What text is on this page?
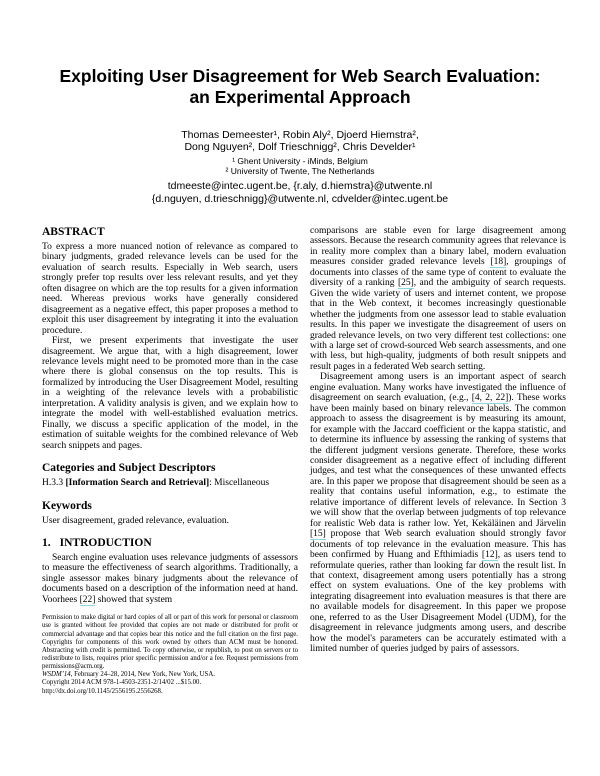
Exploiting User Disagreement for Web Search Evaluation:
an Experimental Approach
Thomas Demeester¹, Robin Aly², Djoerd Hiemstra²,
Dong Nguyen², Dolf Trieschnigg², Chris Develder¹
¹ Ghent University - iMinds, Belgium
² University of Twente, The Netherlands
tdmeeste@intec.ugent.be, {r.aly, d.hiemstra}@utwente.nl
{d.nguyen, d.trieschnigg}@utwente.nl, cdvelder@intec.ugent.be
ABSTRACT

To express a more nuanced notion of relevance as compared to binary judgments, graded relevance levels can be used for the evaluation of search results. Especially in Web search, users strongly prefer top results over less relevant results, and yet they often disagree on which are the top results for a given information need. Whereas previous works have generally considered disagreement as a negative effect, this paper proposes a method to exploit this user disagreement by integrating it into the evaluation procedure.

First, we present experiments that investigate the user disagreement. We argue that, with a high disagreement, lower relevance levels might need to be promoted more than in the case where there is global consensus on the top results. This is formalized by introducing the User Disagreement Model, resulting in a weighting of the relevance levels with a probabilistic interpretation. A validity analysis is given, and we explain how to integrate the model with well-established evaluation metrics. Finally, we discuss a specific application of the model, in the estimation of suitable weights for the combined relevance of Web search snippets and pages.

Categories and Subject Descriptors

H.3.3 [Information Search and Retrieval]: Miscellaneous

Keywords

User disagreement, graded relevance, evaluation.

1. INTRODUCTION

Search engine evaluation uses relevance judgments of assessors to measure the effectiveness of search algorithms. Traditionally, a single assessor makes binary judgments about the relevance of documents based on a description of the information need at hand. Voorhees [22] showed that system

Permission to make digital or hard copies of all or part of this work for personal or classroom use is granted without fee provided that copies are not made or distributed for profit or commercial advantage and that copies bear this notice and the full citation on the first page. Copyrights for components of this work owned by others than ACM must be honored. Abstracting with credit is permitted. To copy otherwise, or republish, to post on servers or to redistribute to lists, requires prior specific permission and/or a fee. Request permissions from permissions@acm.org.

WSDM’14, February 24–28, 2014, New York, New York, USA.

Copyright 2014 ACM 978-1-4503-2351-2/14/02 ...$15.00.

http://dx.doi.org/10.1145/2556195.2556268.

comparisons are stable even for large disagreement among assessors. Because the research community agrees that relevance is in reality more complex than a binary label, modern evaluation measures consider graded relevance levels [18], groupings of documents into classes of the same type of content to evaluate the diversity of a ranking [25], and the ambiguity of search requests. Given the wide variety of users and internet content, we propose that in the Web context, it becomes increasingly questionable whether the judgments from one assessor lead to stable evaluation results. In this paper we investigate the disagreement of users on graded relevance levels, on two very different test collections: one with a large set of crowd-sourced Web search assessments, and one with less, but high-quality, judgments of both result snippets and result pages in a federated Web search setting.

Disagreement among users is an important aspect of search engine evaluation. Many works have investigated the influence of disagreement on search evaluation, (e.g., [4, 2, 22]). These works have been mainly based on binary relevance labels. The common approach to assess the disagreement is by measuring its amount, for example with the Jaccard coefficient or the kappa statistic, and to determine its influence by assessing the ranking of systems that the different judgment versions generate. Therefore, these works consider disagreement as a negative effect of including different judges, and test what the consequences of these unwanted effects are. In this paper we propose that disagreement should be seen as a reality that contains useful information, e.g., to estimate the relative importance of different levels of relevance. In Section 3 we will show that the overlap between judgments of top relevance for realistic Web data is rather low. Yet, Kekäläinen and Järvelin [15] propose that Web search evaluation should strongly favor documents of top relevance in the evaluation measure. This has been confirmed by Huang and Efthimiadis [12], as users tend to reformulate queries, rather than looking far down the result list. In that context, disagreement among users potentially has a strong effect on system evaluations. One of the key problems with integrating disagreement into evaluation measures is that there are no available models for disagreement. In this paper we propose one, referred to as the User Disagreement Model (UDM), for the disagreement in relevance judgments among users, and describe how the model's parameters can be accurately estimated with a limited number of queries judged by pairs of assessors.
